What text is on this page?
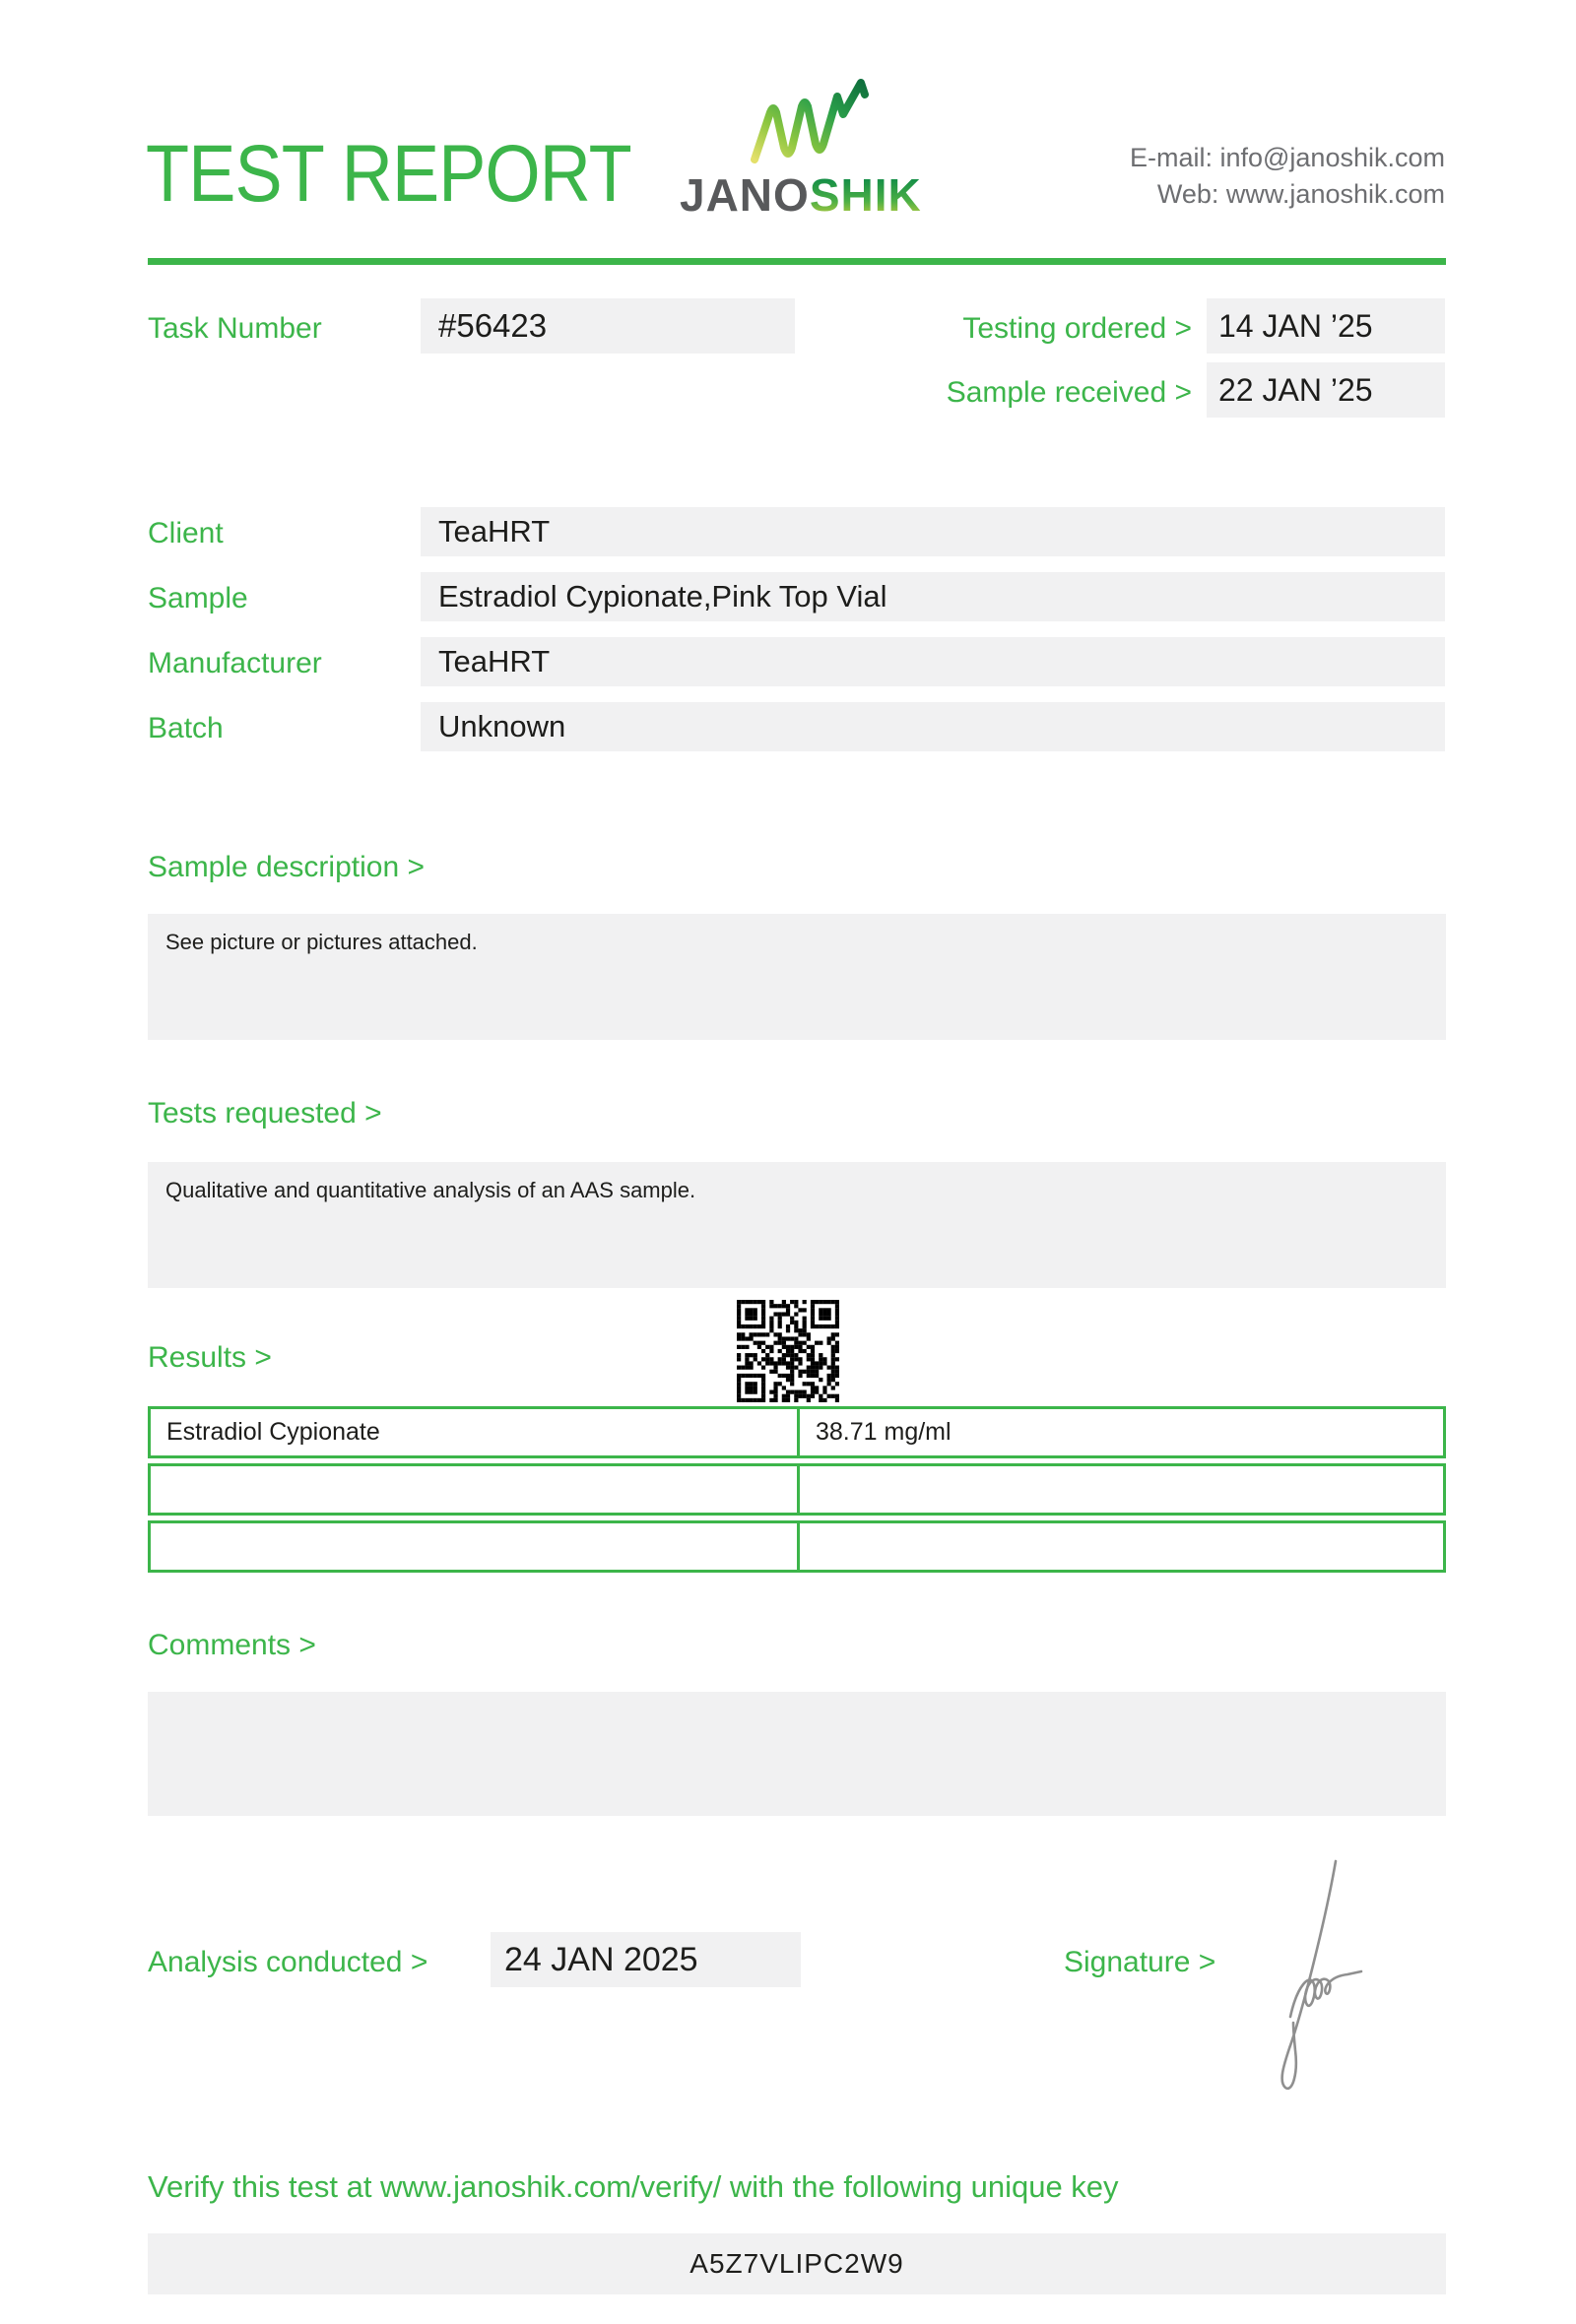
TEST REPORT JANOSHIK
E-mail: info@janoshik.com
Web: www.janoshik.com
Task Number	#56423	Testing ordered > 14 JAN ’25
Sample received > 22 JAN ’25
Client	TeaHRT
Sample	Estradiol Cypionate,Pink Top Vial
Manufacturer	TeaHRT
Batch	Unknown
Sample description >
See picture or pictures attached.
Tests requested >
Qualitative and quantitative analysis of an AAS sample.
Results >
Estradiol Cypionate	38.71 mg/ml
Comments >
Analysis conducted >	24 JAN 2025	Signature >
Verify this test at www.janoshik.com/verify/ with the following unique key
A5Z7VLIPC2W9
